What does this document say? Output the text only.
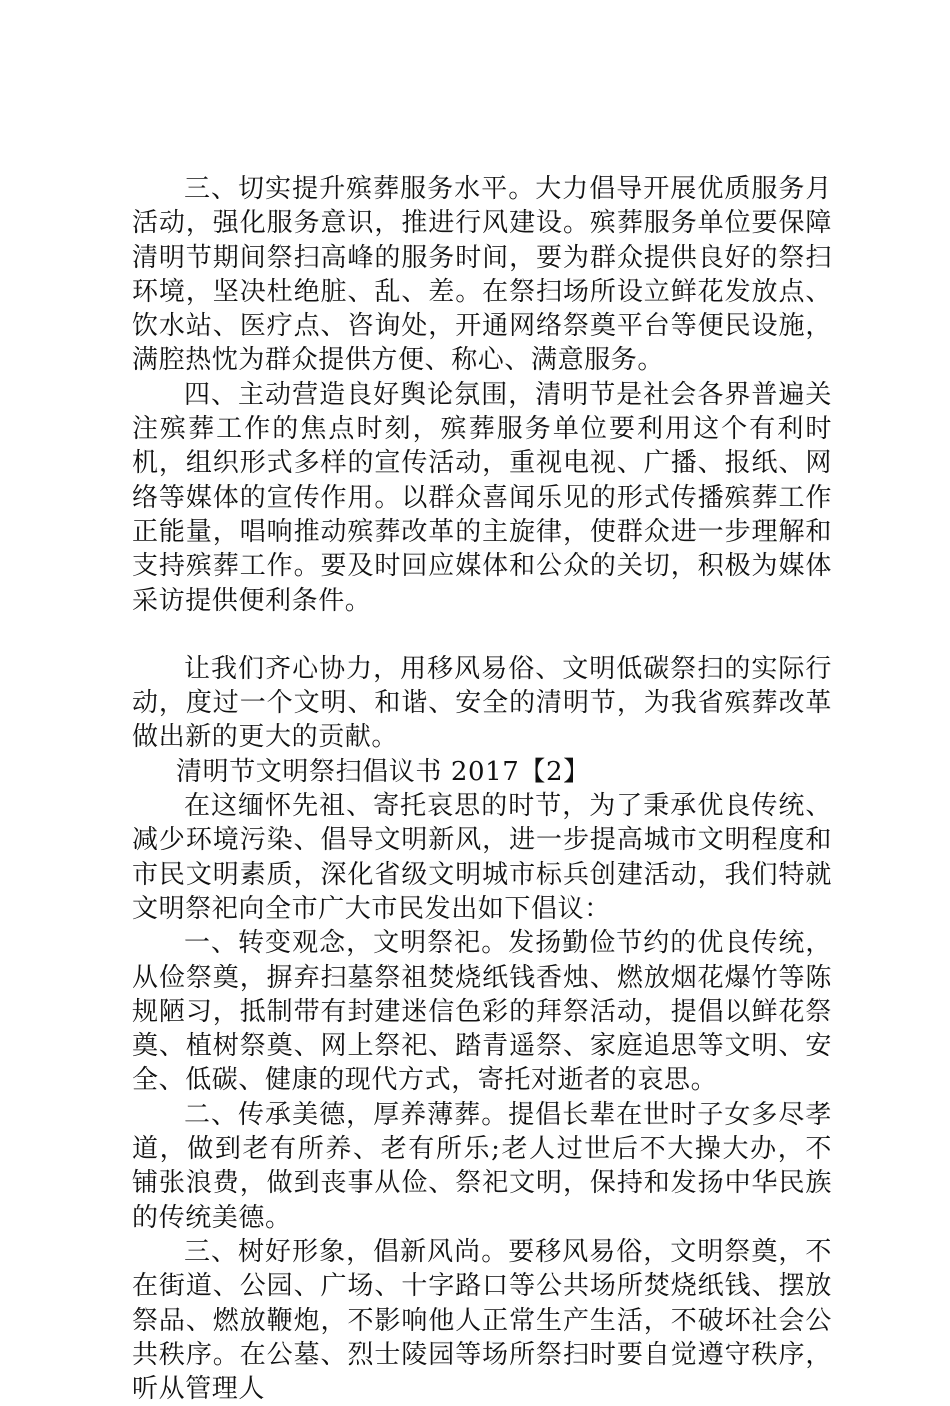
三、切实提升殡葬服务水平。大力倡导开展优质服务月活动，强化服务意识，推进行风建设。殡葬服务单位要保障清明节期间祭扫高峰的服务时间，要为群众提供良好的祭扫环境，坚决杜绝脏、乱、差。在祭扫场所设立鲜花发放点、饮水站、医疗点、咨询处，开通网络祭奠平台等便民设施，满腔热忱为群众提供方便、称心、满意服务。

四、主动营造良好舆论氛围，清明节是社会各界普遍关注殡葬工作的焦点时刻，殡葬服务单位要利用这个有利时机，组织形式多样的宣传活动，重视电视、广播、报纸、网络等媒体的宣传作用。以群众喜闻乐见的形式传播殡葬工作正能量，唱响推动殡葬改革的主旋律，使群众进一步理解和支持殡葬工作。要及时回应媒体和公众的关切，积极为媒体采访提供便利条件。

让我们齐心协力，用移风易俗、文明低碳祭扫的实际行动，度过一个文明、和谐、安全的清明节，为我省殡葬改革做出新的更大的贡献。

清明节文明祭扫倡议书 2017【2】

在这缅怀先祖、寄托哀思的时节，为了秉承优良传统、减少环境污染、倡导文明新风，进一步提高城市文明程度和市民文明素质，深化省级文明城市标兵创建活动，我们特就文明祭祀向全市广大市民发出如下倡议：

一、转变观念，文明祭祀。发扬勤俭节约的优良传统，从俭祭奠，摒弃扫墓祭祖焚烧纸钱香烛、燃放烟花爆竹等陈规陋习，抵制带有封建迷信色彩的拜祭活动，提倡以鲜花祭奠、植树祭奠、网上祭祀、踏青遥祭、家庭追思等文明、安全、低碳、健康的现代方式，寄托对逝者的哀思。

二、传承美德，厚养薄葬。提倡长辈在世时子女多尽孝道，做到老有所养、老有所乐;老人过世后不大操大办，不铺张浪费，做到丧事从俭、祭祀文明，保持和发扬中华民族的传统美德。

三、树好形象，倡新风尚。要移风易俗，文明祭奠，不在街道、公园、广场、十字路口等公共场所焚烧纸钱、摆放祭品、燃放鞭炮，不影响他人正常生产生活，不破坏社会公共秩序。在公墓、烈士陵园等场所祭扫时要自觉遵守秩序，听从管理人
